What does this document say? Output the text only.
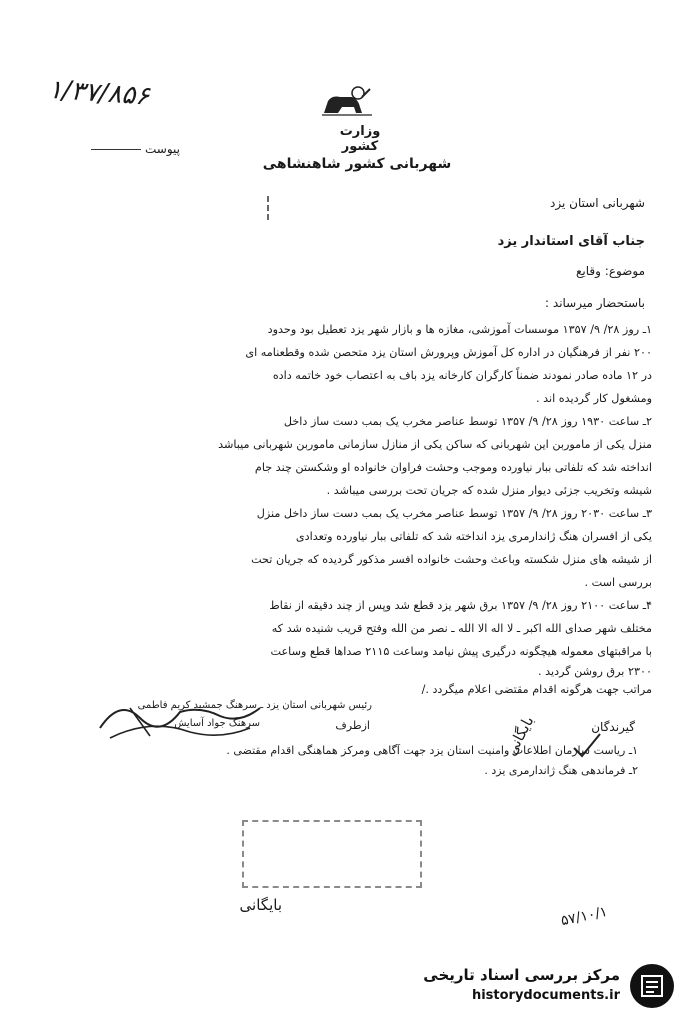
وزارت کشور
شهربانی کشور شاهنشاهی
۱/۳۷/۸۵۶
پیوست
شهربانی استان یزد
جناب آقای استاندار یزد
موضوع: وقایع
باستحضار میرساند :
۱ـ روز ۲۸/ ۹/ ۱۳۵۷ موسسات آموزشی، مغازه ها و بازار شهر یزد تعطیل بود وحدود
۲۰۰ نفر از فرهنگیان در اداره کل آموزش وپرورش استان یزد متحصن شده وقطعنامه ای
در ۱۲ ماده صادر نمودند ضمناً کارگران کارخانه یزد باف به اعتصاب خود خاتمه داده
ومشغول کار گردیده اند .
۲ـ ساعت ۱۹۳۰ روز ۲۸/ ۹/ ۱۳۵۷ توسط عناصر مخرب یک بمب دست ساز داخل
منزل یکی از ماموربن این شهربانی که ساکن یکی از منازل سازمانی ماموربن شهربانی میباشد
انداخته شد که تلفاتی ببار نیاورده وموجب وحشت فراوان خانواده او وشکستن چند جام
شیشه وتخریب جزئی دیوار منزل شده که جریان تحت بررسی میباشد .
۳ـ ساعت ۲۰۳۰ روز ۲۸/ ۹/ ۱۳۵۷ توسط عناصر مخرب یک بمب دست ساز داخل منزل
یکی از افسران هنگ ژاندارمری یزد انداخته شد که تلفاتی ببار نیاورده وتعدادی
از شیشه های منزل شکسته وباعث وحشت خانواده افسر مذکور گردیده که جریان تحت
بررسی است .
۴ـ ساعت ۲۱۰۰ روز ۲۸/ ۹/ ۱۳۵۷ برق شهر یزد قطع شد وپس از چند دقیقه از نقاط
مختلف شهر صدای الله اکبر ـ لا اله الا الله ـ نصر من الله وفتح قریب شنیده شد که
با مراقبتهای معموله هیچگونه درگیری پیش نیامد وساعت ۲۱۱۵ صداها قطع وساعت
۲۳۰۰ برق روشن گردید .
مراتب جهت هرگونه اقدام مقتضی اعلام میگردد ./
رئیس شهربانی استان یزد ـ سرهنگ جمشید کریم فاطمی
ازطرف
سرهنگ جواد آسایش	گیرندگان
۱ـ ریاست سازمان اطلاعات وامنیت استان یزد جهت آگاهی ومرکز هماهنگی اقدام مقتضی .
۲ـ فرماندهی هنگ ژاندارمری یزد .
بایگانی
بایگانی	۵۷/۱۰/۱
مرکز بررسی اسناد تاریخی
historydocuments.ir
